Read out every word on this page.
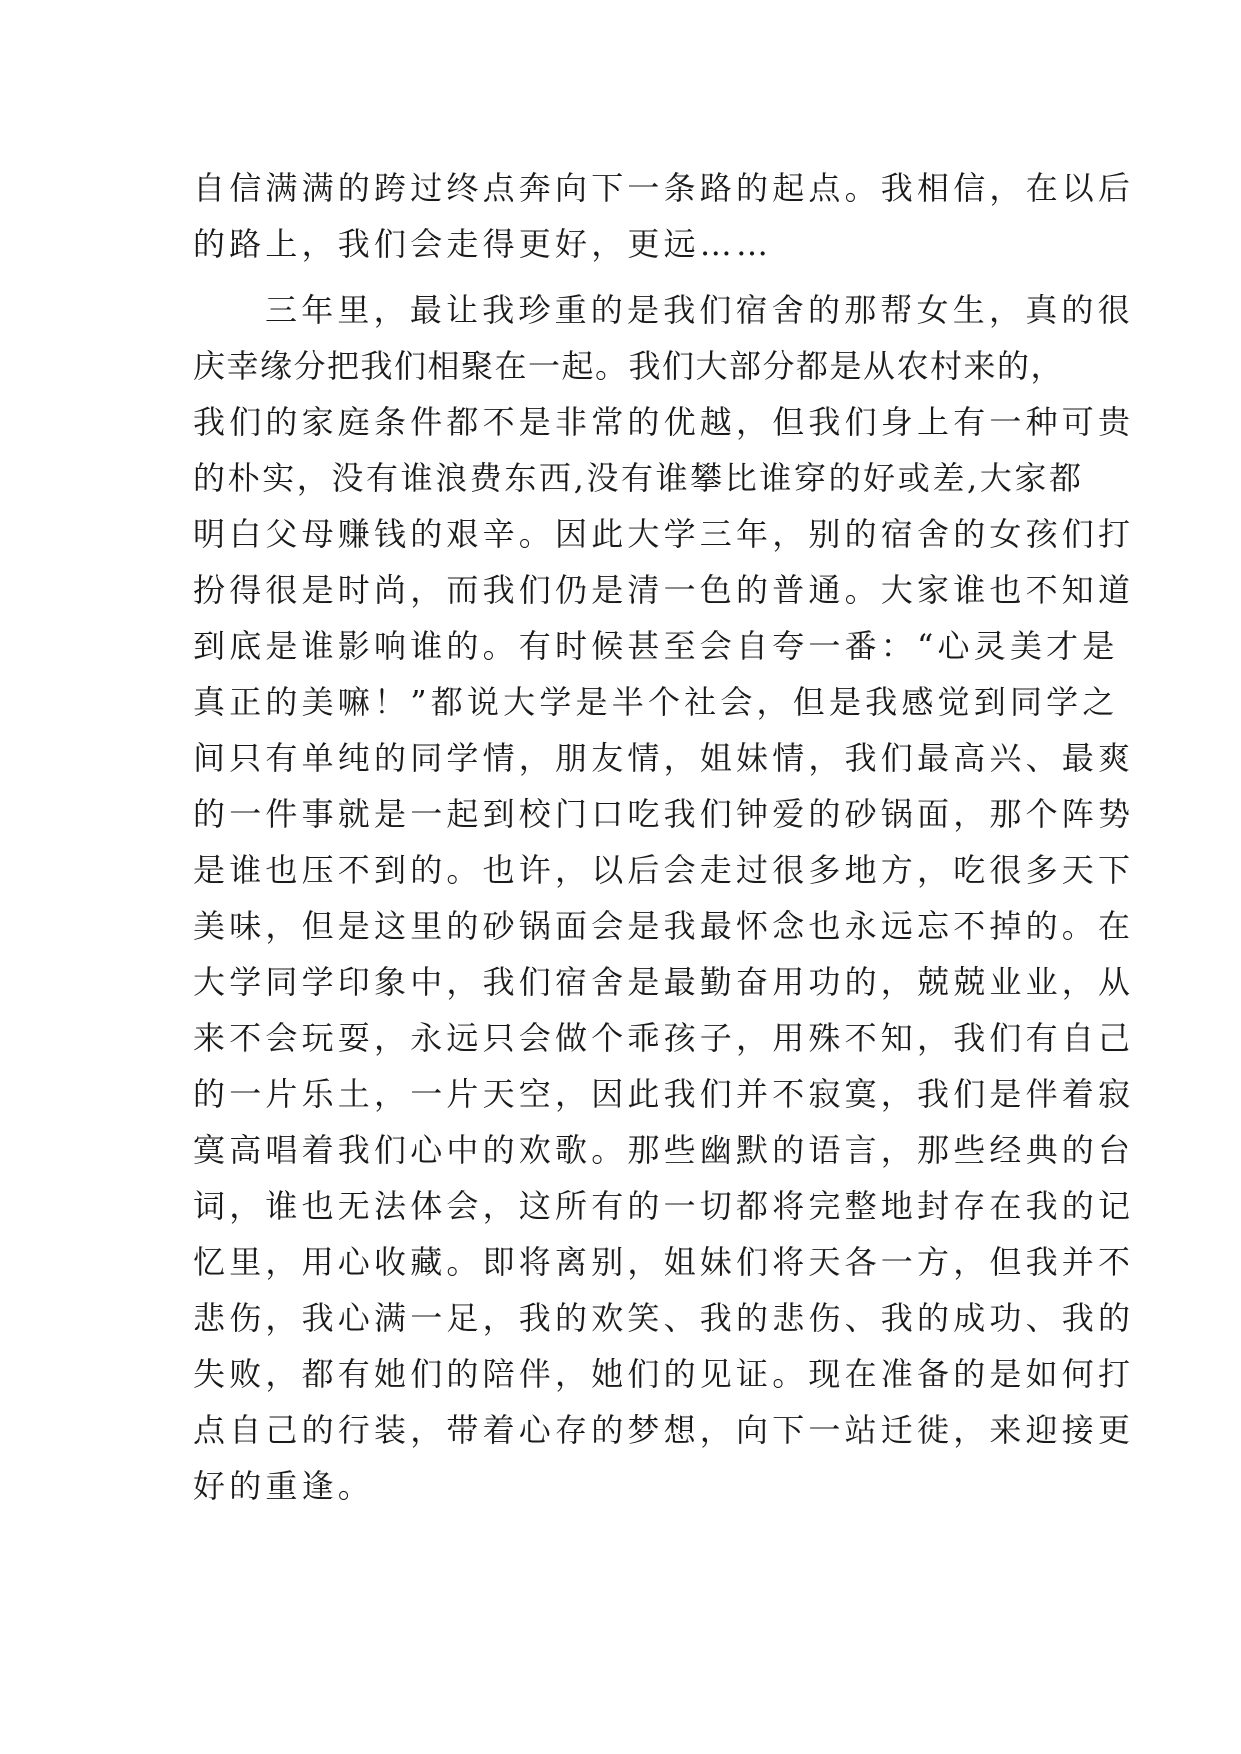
自信满满的跨过终点奔向下一条路的起点。我相信，在以后
的路上，我们会走得更好，更远……
三年里，最让我珍重的是我们宿舍的那帮女生，真的很
庆幸缘分把我们相聚在一起。我们大部分都是从农村来的，
我们的家庭条件都不是非常的优越，但我们身上有一种可贵
的朴实，没有谁浪费东西,没有谁攀比谁穿的好或差,大家都
明白父母赚钱的艰辛。因此大学三年，别的宿舍的女孩们打
扮得很是时尚，而我们仍是清一色的普通。大家谁也不知道
到底是谁影响谁的。有时候甚至会自夸一番：“心灵美才是
真正的美嘛！”都说大学是半个社会，但是我感觉到同学之
间只有单纯的同学情，朋友情，姐妹情，我们最高兴、最爽
的一件事就是一起到校门口吃我们钟爱的砂锅面，那个阵势
是谁也压不到的。也许，以后会走过很多地方，吃很多天下
美味，但是这里的砂锅面会是我最怀念也永远忘不掉的。在
大学同学印象中，我们宿舍是最勤奋用功的，兢兢业业，从
来不会玩耍，永远只会做个乖孩子，用殊不知，我们有自己
的一片乐土，一片天空，因此我们并不寂寞，我们是伴着寂
寞高唱着我们心中的欢歌。那些幽默的语言，那些经典的台
词，谁也无法体会，这所有的一切都将完整地封存在我的记
忆里，用心收藏。即将离别，姐妹们将天各一方，但我并不
悲伤，我心满一足，我的欢笑、我的悲伤、我的成功、我的
失败，都有她们的陪伴，她们的见证。现在准备的是如何打
点自己的行装，带着心存的梦想，向下一站迁徙，来迎接更
好的重逢。
